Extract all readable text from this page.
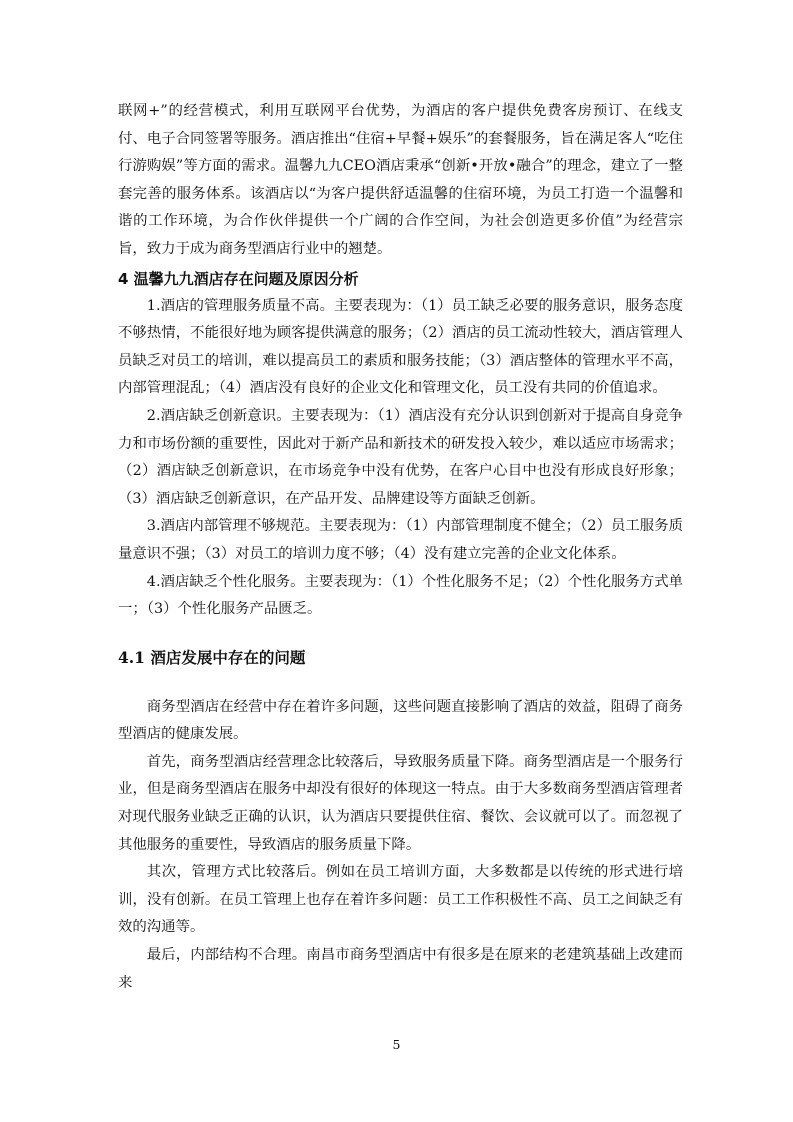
联网+”的经营模式，利用互联网平台优势，为酒店的客户提供免费客房预订、在线支付、电子合同签署等服务。酒店推出“住宿+早餐+娱乐”的套餐服务，旨在满足客人“吃住行游购娱”等方面的需求。温馨九九CEO酒店秉承“创新•开放•融合”的理念，建立了一整套完善的服务体系。该酒店以“为客户提供舒适温馨的住宿环境，为员工打造一个温馨和谐的工作环境，为合作伙伴提供一个广阔的合作空间，为社会创造更多价值”为经营宗旨，致力于成为商务型酒店行业中的翘楚。

4 温馨九九酒店存在问题及原因分析

1.酒店的管理服务质量不高。主要表现为：（1）员工缺乏必要的服务意识，服务态度不够热情，不能很好地为顾客提供满意的服务；（2）酒店的员工流动性较大，酒店管理人员缺乏对员工的培训，难以提高员工的素质和服务技能；（3）酒店整体的管理水平不高，内部管理混乱；（4）酒店没有良好的企业文化和管理文化，员工没有共同的价值追求。

2.酒店缺乏创新意识。主要表现为：（1）酒店没有充分认识到创新对于提高自身竞争力和市场份额的重要性，因此对于新产品和新技术的研发投入较少，难以适应市场需求；（2）酒店缺乏创新意识，在市场竞争中没有优势，在客户心目中也没有形成良好形象；（3）酒店缺乏创新意识，在产品开发、品牌建设等方面缺乏创新。

3.酒店内部管理不够规范。主要表现为：（1）内部管理制度不健全；（2）员工服务质量意识不强；（3）对员工的培训力度不够；（4）没有建立完善的企业文化体系。

4.酒店缺乏个性化服务。主要表现为：（1）个性化服务不足；（2）个性化服务方式单一；（3）个性化服务产品匮乏。

4.1 酒店发展中存在的问题

商务型酒店在经营中存在着许多问题，这些问题直接影响了酒店的效益，阻碍了商务型酒店的健康发展。

首先，商务型酒店经营理念比较落后，导致服务质量下降。商务型酒店是一个服务行业，但是商务型酒店在服务中却没有很好的体现这一特点。由于大多数商务型酒店管理者对现代服务业缺乏正确的认识，认为酒店只要提供住宿、餐饮、会议就可以了。而忽视了其他服务的重要性，导致酒店的服务质量下降。

其次，管理方式比较落后。例如在员工培训方面，大多数都是以传统的形式进行培训，没有创新。在员工管理上也存在着许多问题：员工工作积极性不高、员工之间缺乏有效的沟通等。

最后，内部结构不合理。南昌市商务型酒店中有很多是在原来的老建筑基础上改建而来

5
